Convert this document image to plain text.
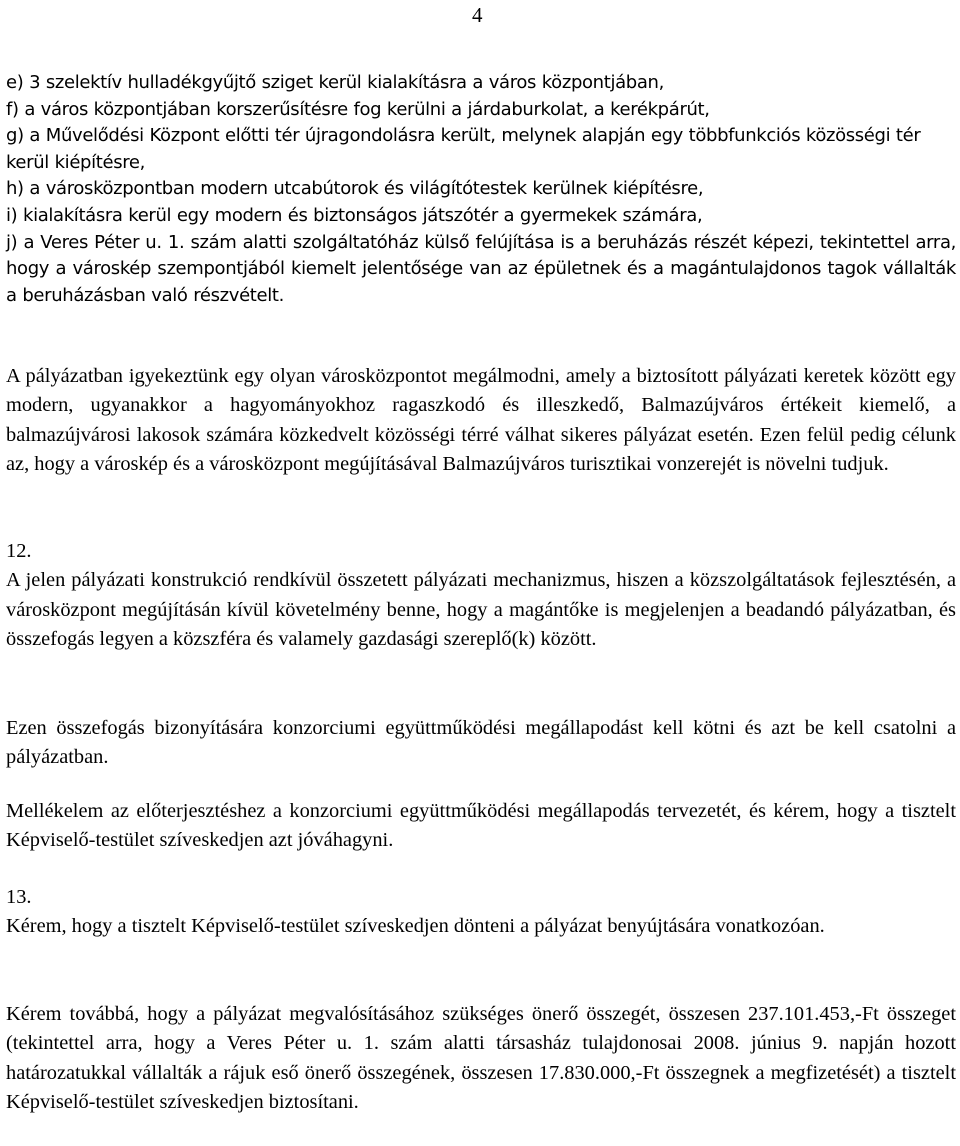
4

e) 3 szelektív hulladékgyűjtő sziget kerül kialakításra a város központjában,

f) a város központjában korszerűsítésre fog kerülni a járdaburkolat, a kerékpárút,

g) a Művelődési Központ előtti tér újragondolásra került, melynek alapján egy többfunkciós közösségi tér kerül kiépítésre,

h) a városközpontban modern utcabútorok és világítótestek kerülnek kiépítésre,

i) kialakításra kerül egy modern és biztonságos játszótér a gyermekek számára,

j) a Veres Péter u. 1. szám alatti szolgáltatóház külső felújítása is a beruházás részét képezi, tekintettel arra, hogy a városkép szempontjából kiemelt jelentősége van az épületnek és a magántulajdonos tagok vállalták a beruházásban való részvételt.

A pályázatban igyekeztünk egy olyan városközpontot megálmodni, amely a biztosított pályázati keretek között egy modern, ugyanakkor a hagyományokhoz ragaszkodó és illeszkedő, Balmazújváros értékeit kiemelő, a balmazújvárosi lakosok számára közkedvelt közösségi térré válhat sikeres pályázat esetén. Ezen felül pedig célunk az, hogy a városkép és a városközpont megújításával Balmazújváros turisztikai vonzerejét is növelni tudjuk.

12.

A jelen pályázati konstrukció rendkívül összetett pályázati mechanizmus, hiszen a közszolgáltatások fejlesztésén, a városközpont megújításán kívül követelmény benne, hogy a magántőke is megjelenjen a beadandó pályázatban, és összefogás legyen a közszféra és valamely gazdasági szereplő(k) között.

Ezen összefogás bizonyítására konzorciumi együttműködési megállapodást kell kötni és azt be kell csatolni a pályázatban.

Mellékelem az előterjesztéshez a konzorciumi együttműködési megállapodás tervezetét, és kérem, hogy a tisztelt Képviselő-testület szíveskedjen azt jóváhagyni.

13.

Kérem, hogy a tisztelt Képviselő-testület szíveskedjen dönteni a pályázat benyújtására vonatkozóan.

Kérem továbbá, hogy a pályázat megvalósításához szükséges önerő összegét, összesen 237.101.453,-Ft összeget (tekintettel arra, hogy a Veres Péter u. 1. szám alatti társasház tulajdonosai 2008. június 9. napján hozott határozatukkal vállalták a rájuk eső önerő összegének, összesen 17.830.000,-Ft összegnek a megfizetését) a tisztelt Képviselő-testület szíveskedjen biztosítani.
